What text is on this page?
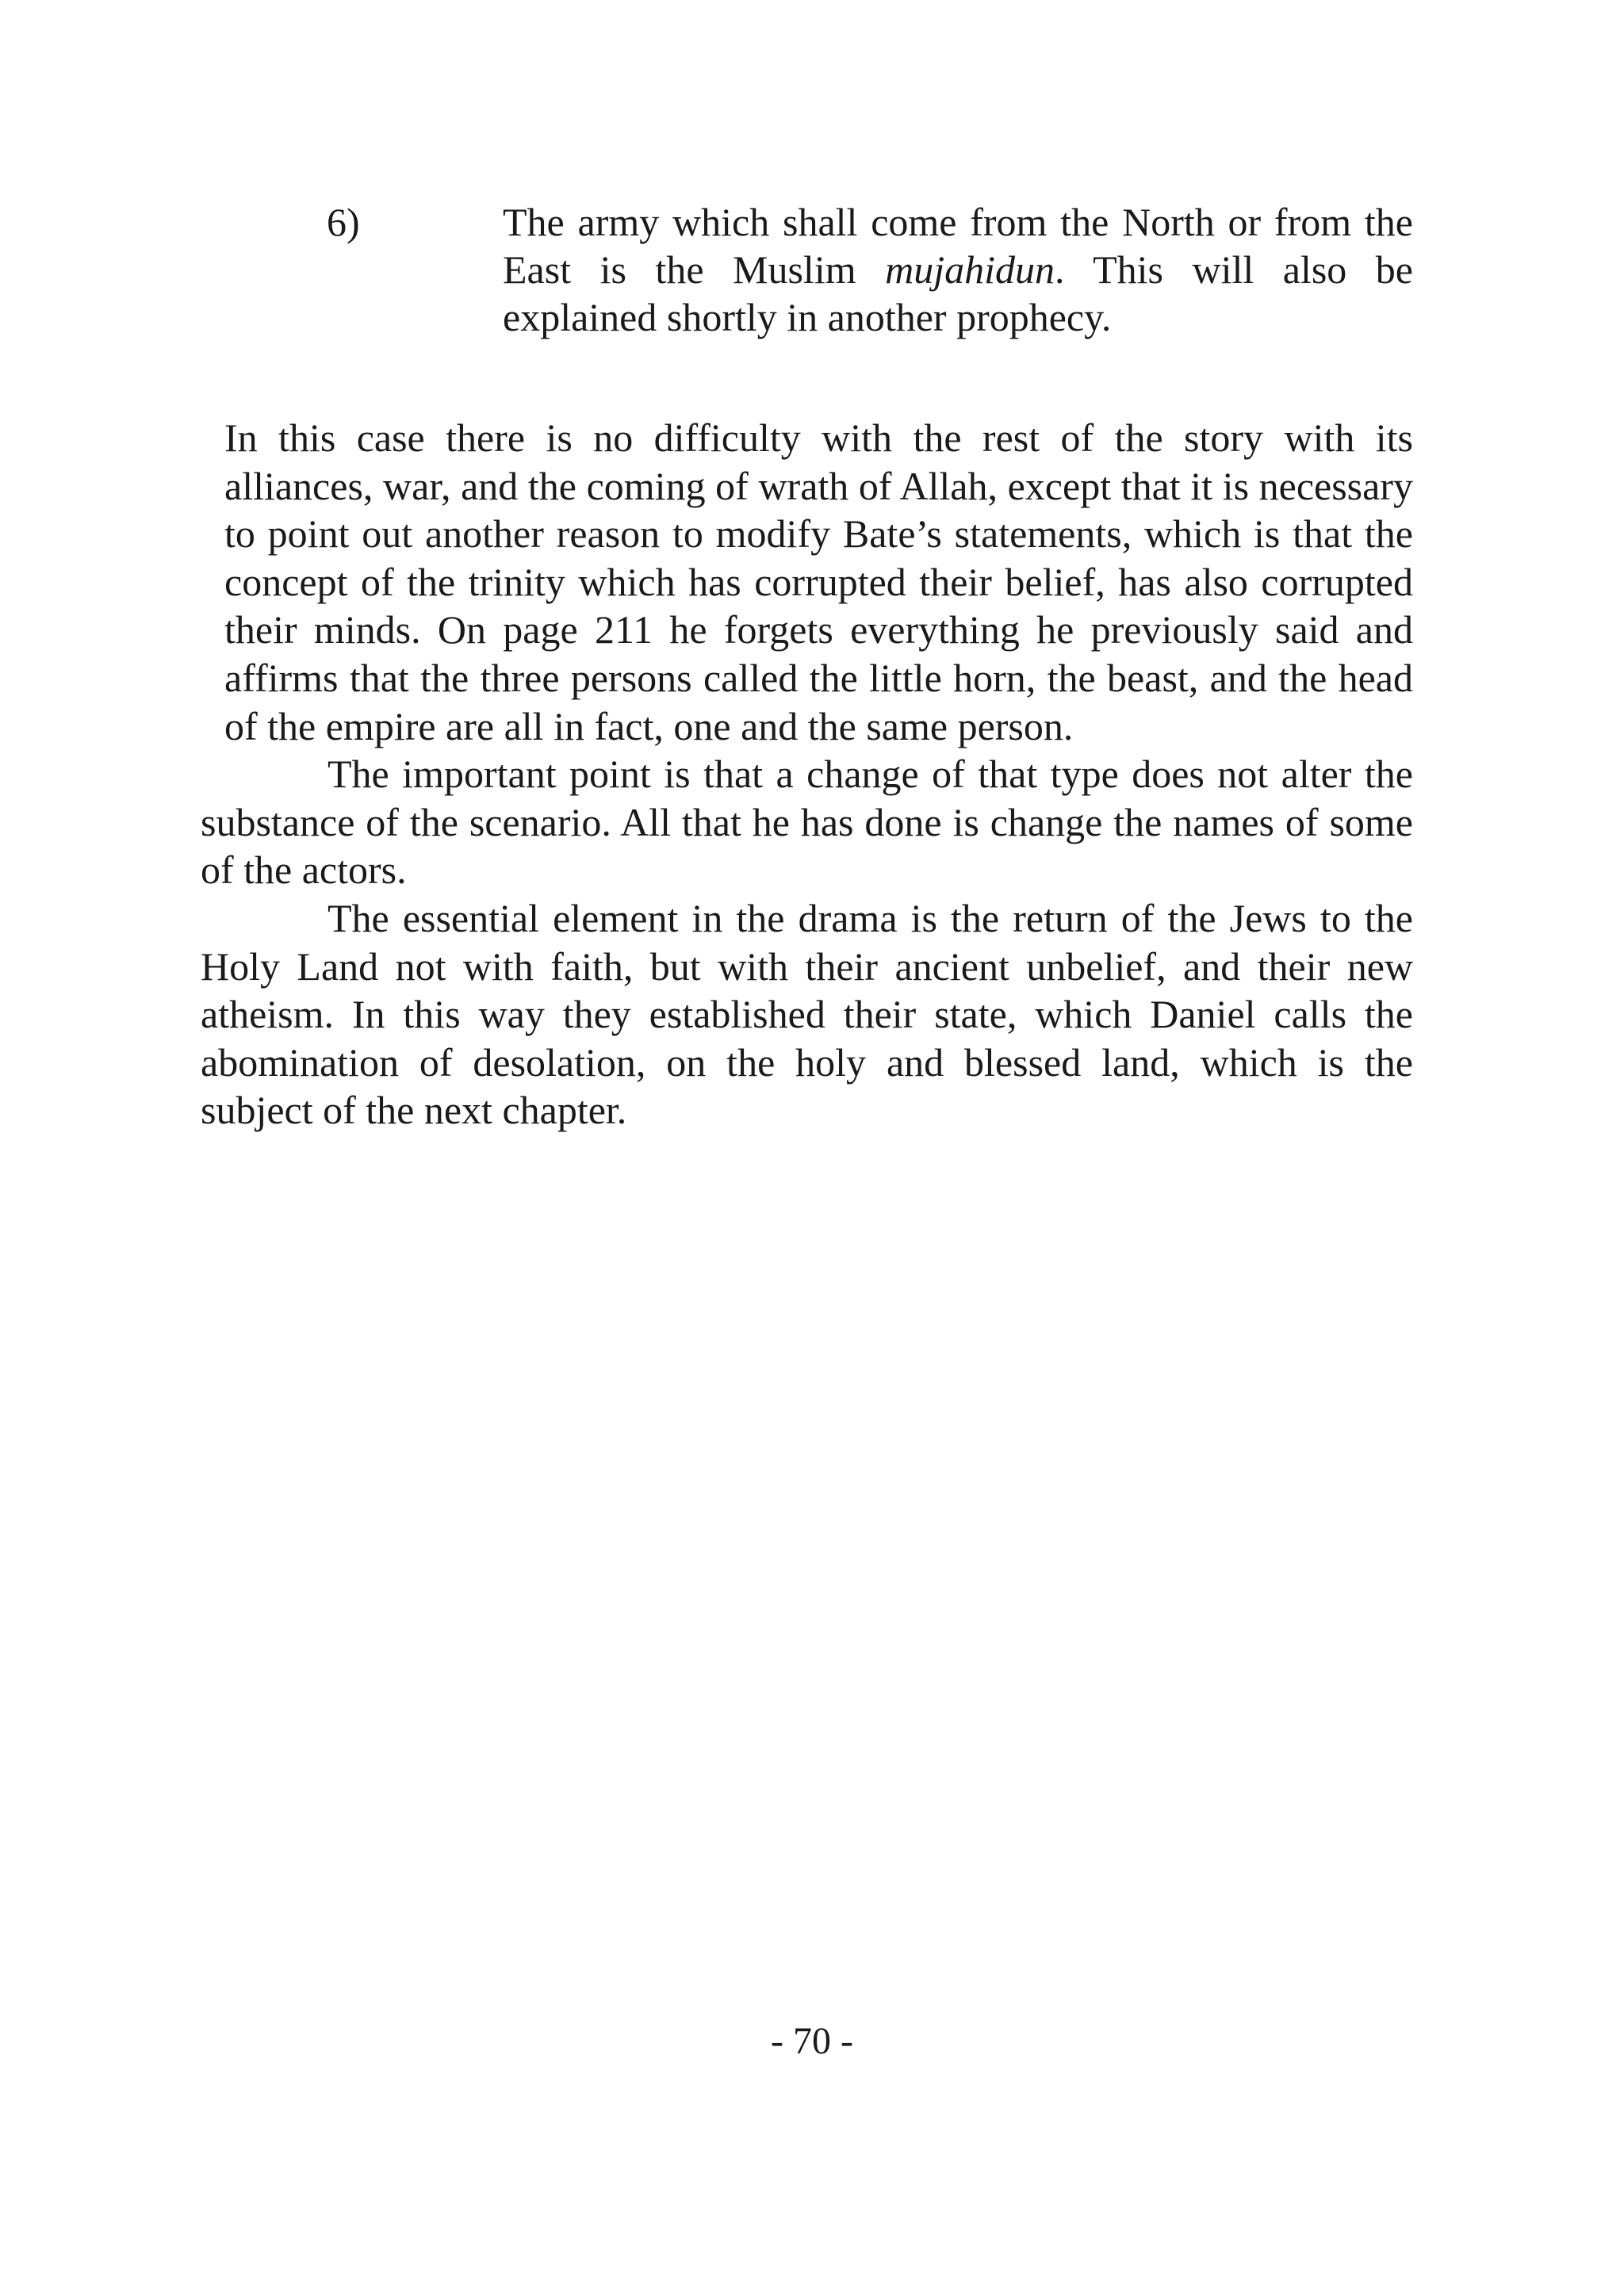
6)	The army which shall come from the North or from the East is the Muslim mujahidun. This will also be explained shortly in another prophecy.

In this case there is no difficulty with the rest of the story with its alliances, war, and the coming of wrath of Allah, except that it is necessary to point out another reason to modify Bate’s statements, which is that the concept of the trinity which has corrupted their belief, has also corrupted their minds. On page 211 he forgets everything he previously said and affirms that the three persons called the little horn, the beast, and the head of the empire are all in fact, one and the same person.

The important point is that a change of that type does not alter the substance of the scenario. All that he has done is change the names of some of the actors.

The essential element in the drama is the return of the Jews to the Holy Land not with faith, but with their ancient unbelief, and their new atheism. In this way they established their state, which Daniel calls the abomination of desolation, on the holy and blessed land, which is the subject of the next chapter.

- 70 -
